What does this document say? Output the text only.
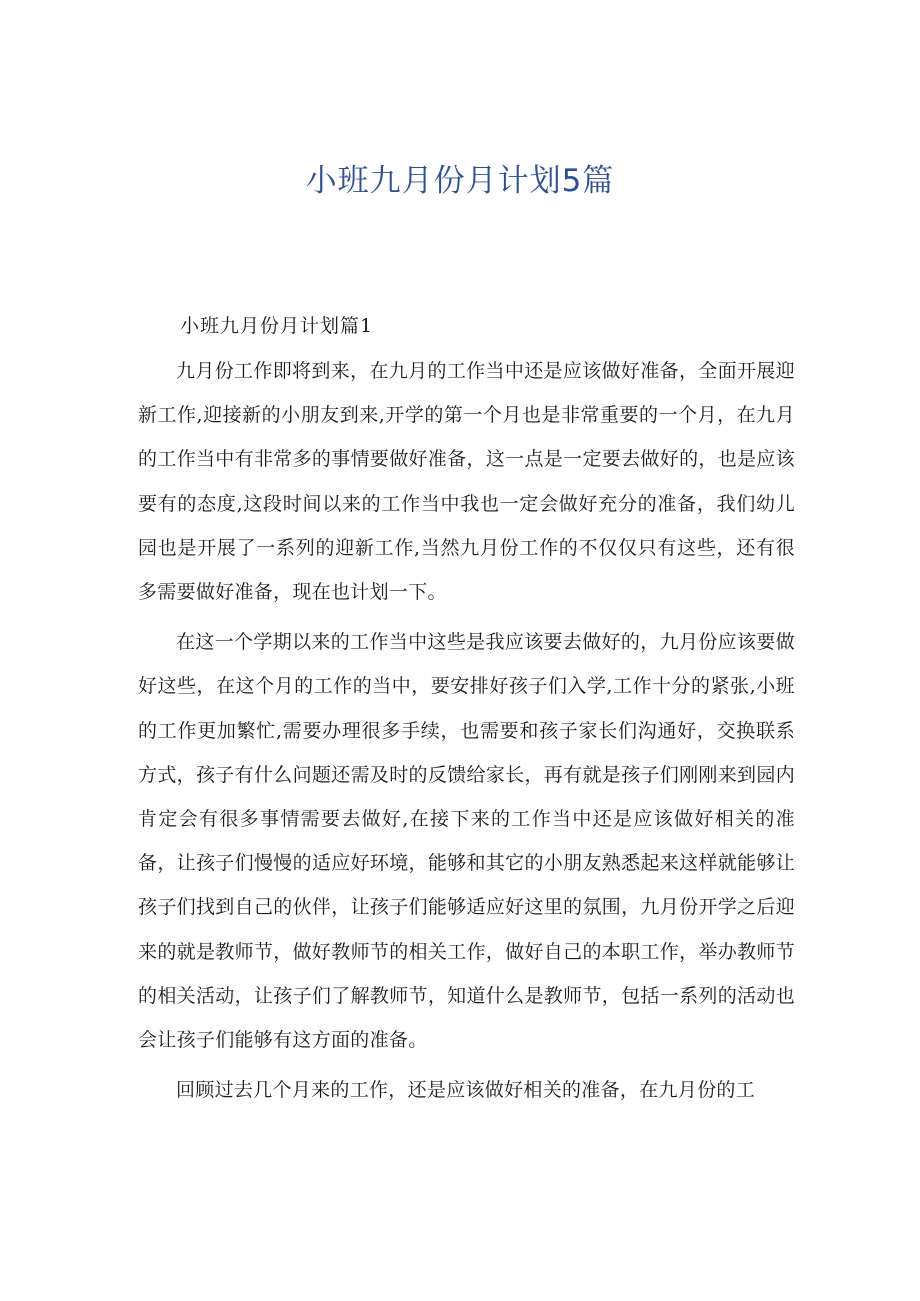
小班九月份月计划5篇
小班九月份月计划篇1

九月份工作即将到来，在九月的工作当中还是应该做好准备，全面开展迎新工作,迎接新的小朋友到来,开学的第一个月也是非常重要的一个月，在九月的工作当中有非常多的事情要做好准备，这一点是一定要去做好的，也是应该要有的态度,这段时间以来的工作当中我也一定会做好充分的准备，我们幼儿园也是开展了一系列的迎新工作,当然九月份工作的不仅仅只有这些，还有很多需要做好准备，现在也计划一下。

在这一个学期以来的工作当中这些是我应该要去做好的，九月份应该要做好这些，在这个月的工作的当中，要安排好孩子们入学,工作十分的紧张,小班的工作更加繁忙,需要办理很多手续，也需要和孩子家长们沟通好，交换联系方式，孩子有什么问题还需及时的反馈给家长，再有就是孩子们刚刚来到园内肯定会有很多事情需要去做好,在接下来的工作当中还是应该做好相关的准备，让孩子们慢慢的适应好环境，能够和其它的小朋友熟悉起来这样就能够让孩子们找到自己的伙伴，让孩子们能够适应好这里的氛围，九月份开学之后迎来的就是教师节，做好教师节的相关工作，做好自己的本职工作，举办教师节的相关活动，让孩子们了解教师节，知道什么是教师节，包括一系列的活动也会让孩子们能够有这方面的准备。

回顾过去几个月来的工作，还是应该做好相关的准备，在九月份的工
